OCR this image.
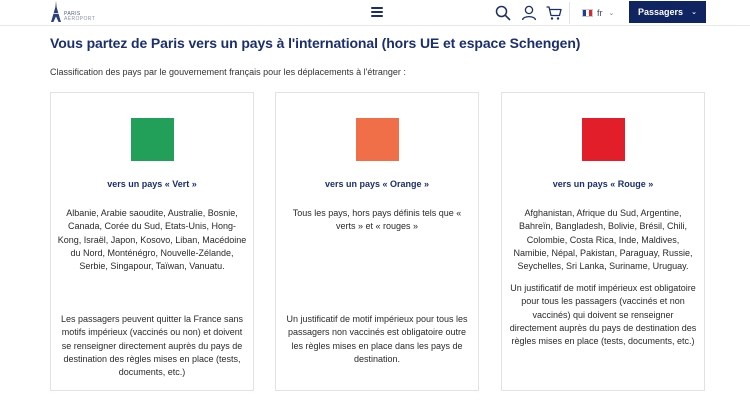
PARIS
AÉROPORT
fr ⌄	Passagers ⌄
Vous partez de Paris vers un pays à l'international (hors UE et espace Schengen)

Classification des pays par le gouvernement français pour les déplacements à l'étranger :

vers un pays « Vert »
Albanie, Arabie saoudite, Australie, Bosnie, Canada, Corée du Sud, Etats-Unis, Hong-Kong, Israël, Japon, Kosovo, Liban, Macédoine du Nord, Monténégro, Nouvelle-Zélande, Serbie, Singapour, Taïwan, Vanuatu.
Les passagers peuvent quitter la France sans motifs impérieux (vaccinés ou non) et doivent se renseigner directement auprès du pays de destination des règles mises en place (tests, documents, etc.)
vers un pays « Orange »
Tous les pays, hors pays définis tels que « verts » et « rouges »
Un justificatif de motif impérieux pour tous les passagers non vaccinés est obligatoire outre les règles mises en place dans les pays de destination.
vers un pays « Rouge »
Afghanistan, Afrique du Sud, Argentine, Bahreïn, Bangladesh, Bolivie, Brésil, Chili, Colombie, Costa Rica, Inde, Maldives, Namibie, Népal, Pakistan, Paraguay, Russie, Seychelles, Sri Lanka, Suriname, Uruguay.
Un justificatif de motif impérieux est obligatoire pour tous les passagers (vaccinés et non vaccinés) qui doivent se renseigner directement auprès du pays de destination des règles mises en place (tests, documents, etc.)
